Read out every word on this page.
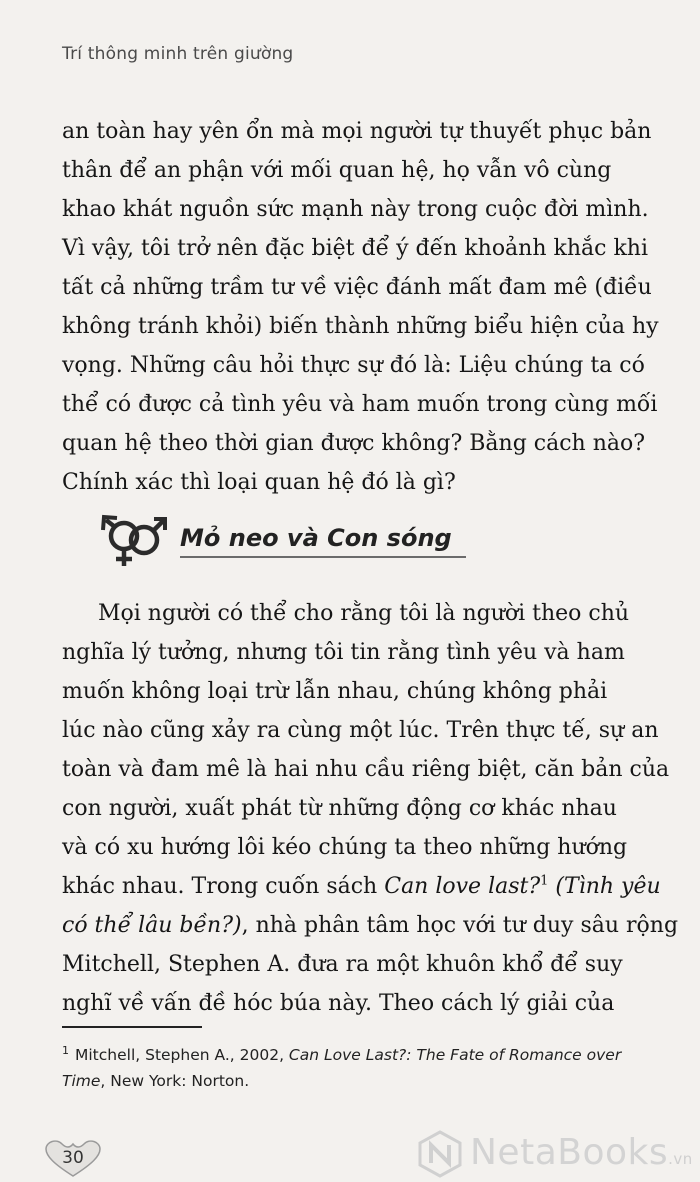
Trí thông minh trên giường
an toàn hay yên ổn mà mọi người tự thuyết phục bản
thân để an phận với mối quan hệ, họ vẫn vô cùng
khao khát nguồn sức mạnh này trong cuộc đời mình.
Vì vậy, tôi trở nên đặc biệt để ý đến khoảnh khắc khi
tất cả những trầm tư về việc đánh mất đam mê (điều
không tránh khỏi) biến thành những biểu hiện của hy
vọng. Những câu hỏi thực sự đó là: Liệu chúng ta có
thể có được cả tình yêu và ham muốn trong cùng mối
quan hệ theo thời gian được không? Bằng cách nào?
Chính xác thì loại quan hệ đó là gì?
Mỏ neo và Con sóng
Mọi người có thể cho rằng tôi là người theo chủ
nghĩa lý tưởng, nhưng tôi tin rằng tình yêu và ham
muốn không loại trừ lẫn nhau, chúng không phải
lúc nào cũng xảy ra cùng một lúc. Trên thực tế, sự an
toàn và đam mê là hai nhu cầu riêng biệt, căn bản của
con người, xuất phát từ những động cơ khác nhau
và có xu hướng lôi kéo chúng ta theo những hướng
khác nhau. Trong cuốn sách Can love last?$^1$ (Tình yêu
có thể lâu bền?), nhà phân tâm học với tư duy sâu rộng
Mitchell, Stephen A. đưa ra một khuôn khổ để suy
nghĩ về vấn đề hóc búa này. Theo cách lý giải của
$^1$ Mitchell, Stephen A., 2002, Can Love Last?: The Fate of Romance over Time, New York: Norton.
30	NetaBooks.vn
